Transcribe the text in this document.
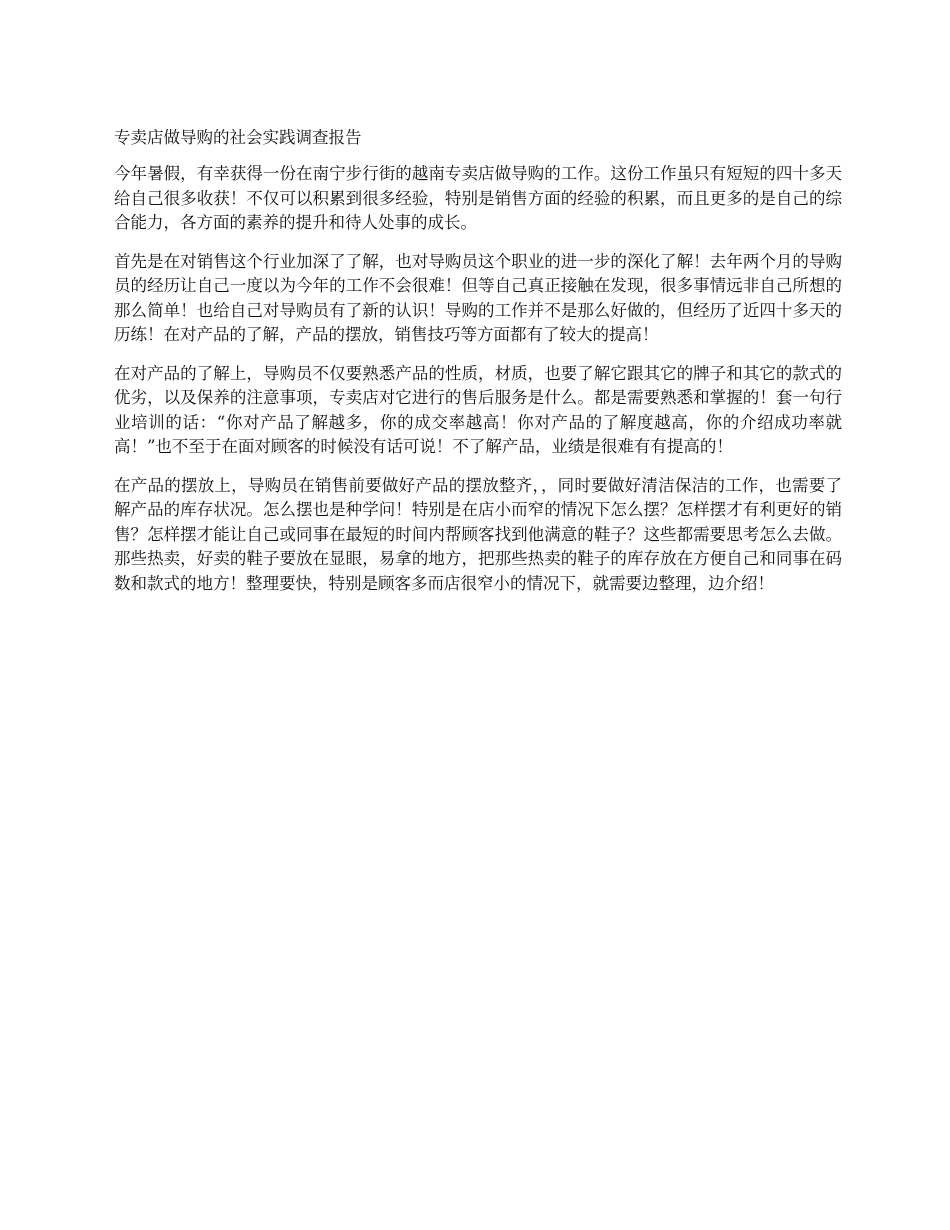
专卖店做导购的社会实践调查报告

今年暑假，有幸获得一份在南宁步行街的越南专卖店做导购的工作。这份工作虽只有短短的四十多天给自己很多收获！不仅可以积累到很多经验，特别是销售方面的经验的积累，而且更多的是自己的综合能力，各方面的素养的提升和待人处事的成长。

首先是在对销售这个行业加深了了解，也对导购员这个职业的进一步的深化了解！去年两个月的导购员的经历让自己一度以为今年的工作不会很难！但等自己真正接触在发现，很多事情远非自己所想的那么简单！也给自己对导购员有了新的认识！导购的工作并不是那么好做的，但经历了近四十多天的历练！在对产品的了解，产品的摆放，销售技巧等方面都有了较大的提高！

在对产品的了解上，导购员不仅要熟悉产品的性质，材质，也要了解它跟其它的牌子和其它的款式的优劣，以及保养的注意事项，专卖店对它进行的售后服务是什么。都是需要熟悉和掌握的！套一句行业培训的话：“你对产品了解越多，你的成交率越高！你对产品的了解度越高，你的介绍成功率就高！”也不至于在面对顾客的时候没有话可说！不了解产品，业绩是很难有有提高的！

在产品的摆放上，导购员在销售前要做好产品的摆放整齐，，同时要做好清洁保洁的工作，也需要了解产品的库存状况。怎么摆也是种学问！特别是在店小而窄的情况下怎么摆？怎样摆才有利更好的销售？怎样摆才能让自己或同事在最短的时间内帮顾客找到他满意的鞋子？这些都需要思考怎么去做。那些热卖，好卖的鞋子要放在显眼，易拿的地方，把那些热卖的鞋子的库存放在方便自己和同事在码数和款式的地方！整理要快，特别是顾客多而店很窄小的情况下，就需要边整理，边介绍！
